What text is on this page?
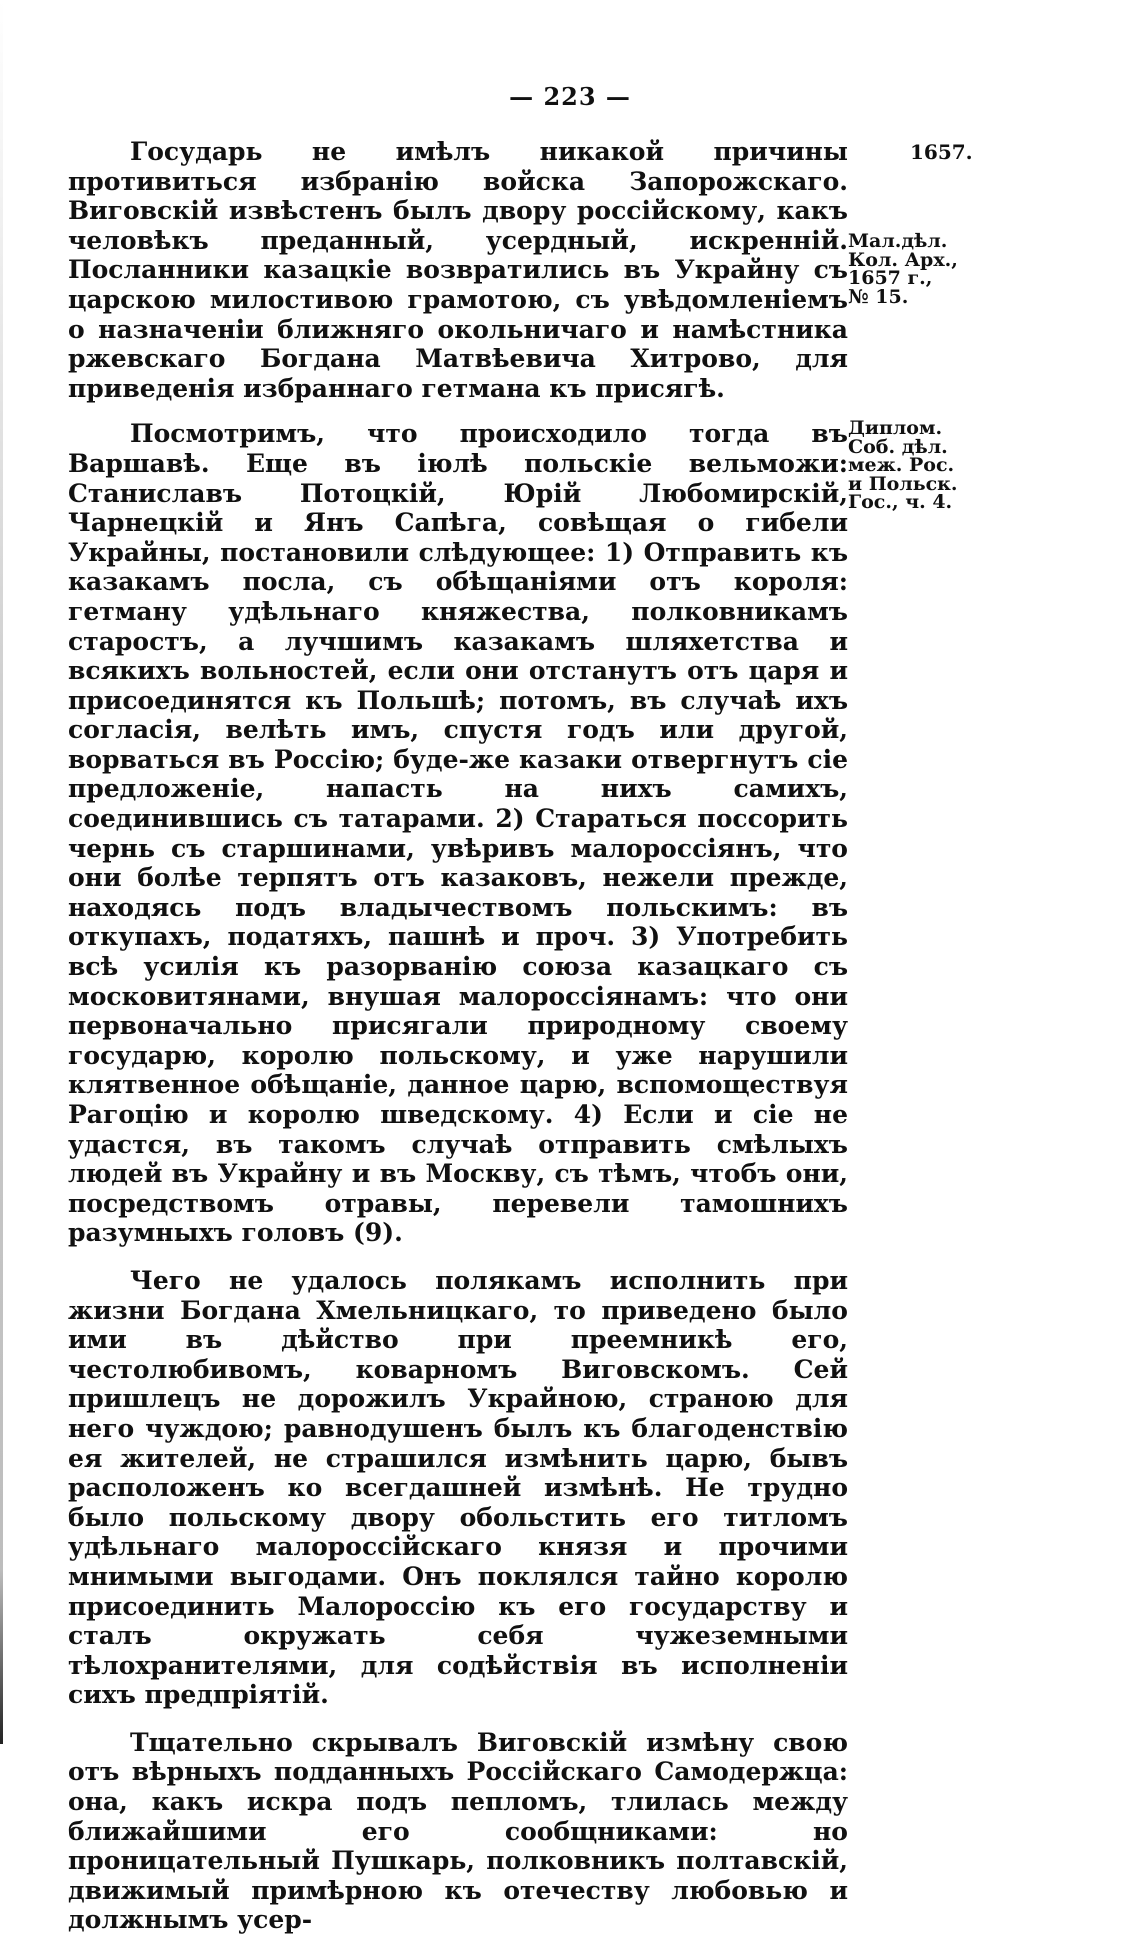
— 223 —

Государь не имѣлъ никакой причины противиться избранію войска Запорожскаго. Виговскій извѣстенъ былъ двору россійскому, какъ человѣкъ преданный, усердный, искренній. Посланники казацкіе возвратились въ Украйну съ царскою милостивою грамотою, съ увѣдомленіемъ о назначеніи ближняго окольничаго и намѣстника ржевскаго Богдана Матвѣевича Хитрово, для приведенія избраннаго гетмана къ присягѣ.

Посмотримъ, что происходило тогда въ Варшавѣ. Еще въ іюлѣ польскіе вельможи: Станиславъ Потоцкій, Юрій Любомирскій, Чарнецкій и Янъ Сапѣга, совѣщая о гибели Украйны, постановили слѣдующее: 1) Отправить къ казакамъ посла, съ обѣщаніями отъ короля: гетману удѣльнаго княжества, полковникамъ старостъ, а лучшимъ казакамъ шляхетства и всякихъ вольностей, если они отстанутъ отъ царя и присоединятся къ Польшѣ; потомъ, въ случаѣ ихъ согласія, велѣть имъ, спустя годъ или другой, ворваться въ Россію; буде-же казаки отвергнутъ сіе предложеніе, напасть на нихъ самихъ, соединившись съ татарами. 2) Стараться поссорить чернь съ старшинами, увѣривъ малороссіянъ, что они болѣе терпятъ отъ казаковъ, нежели прежде, находясь подъ владычествомъ польскимъ: въ откупахъ, податяхъ, пашнѣ и проч. 3) Употребить всѣ усилія къ разорванію союза казацкаго съ московитянами, внушая малороссіянамъ: что они первоначально присягали природному своему государю, королю польскому, и уже нарушили клятвенное обѣщаніе, данное царю, вспомоществуя Рагоцію и королю шведскому. 4) Если и сіе не удастся, въ такомъ случаѣ отправить смѣлыхъ людей въ Украйну и въ Москву, съ тѣмъ, чтобъ они, посредствомъ отравы, перевели тамошнихъ разумныхъ головъ (9).

Чего не удалось полякамъ исполнить при жизни Богдана Хмельницкаго, то приведено было ими въ дѣйство при преемникѣ его, честолюбивомъ, коварномъ Виговскомъ. Сей пришлецъ не дорожилъ Украйною, страною для него чуждою; равнодушенъ былъ къ благоденствію ея жителей, не страшился измѣнить царю, бывъ расположенъ ко всегдашней измѣнѣ. Не трудно было польскому двору обольстить его титломъ удѣльнаго малороссійскаго князя и прочими мнимыми выгодами. Онъ поклялся тайно королю присоединить Малороссію къ его государству и сталъ окружать себя чужеземными тѣлохранителями, для содѣйствія въ исполненіи сихъ предпріятій.

Тщательно скрывалъ Виговскій измѣну свою отъ вѣрныхъ подданныхъ Россійскаго Самодержца: она, какъ искра подъ пепломъ, тлилась между ближайшими его сообщниками: но проницательный Пушкарь, полковникъ полтавскій, движимый примѣрною къ отечеству любовью и должнымъ усер-

1657.
Мал.дѣл.
Кол. Арх.,
1657 г.,
№ 15.
Диплом.
Соб. дѣл.
меж. Рос.
и Польск.
Гос., ч. 4.
